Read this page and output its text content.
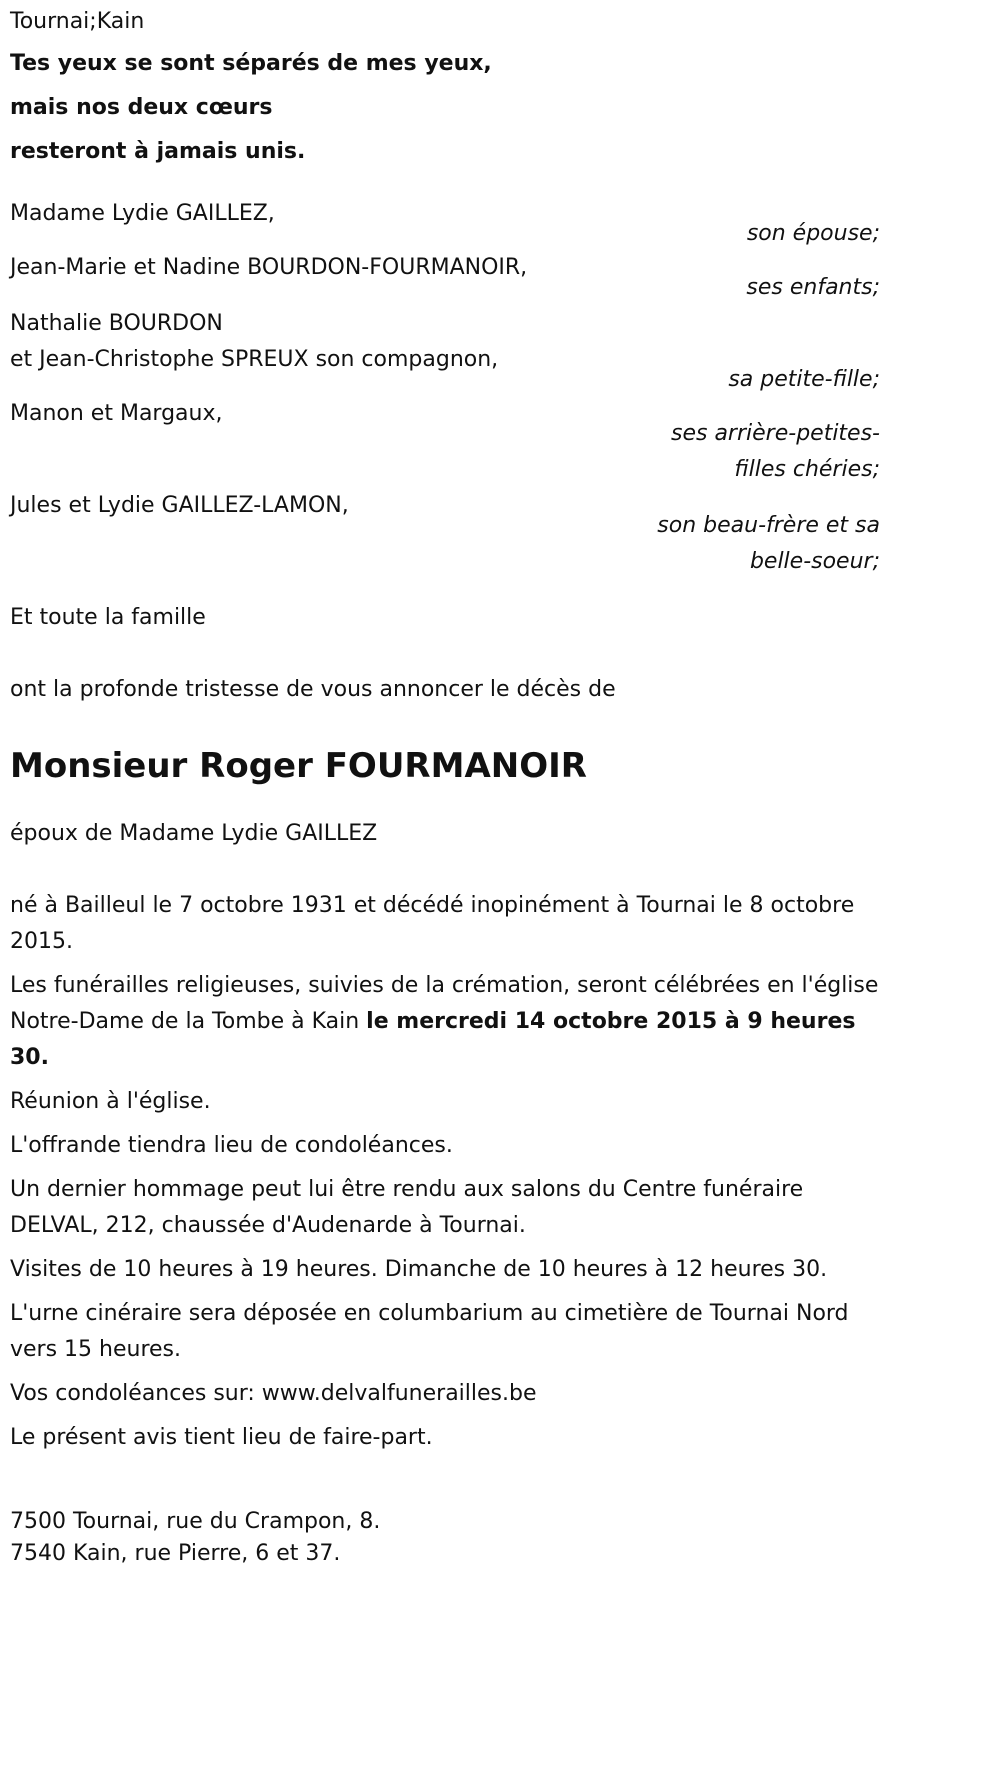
Tournai;Kain

Tes yeux se sont séparés de mes yeux,

mais nos deux cœurs

resteront à jamais unis.

Madame Lydie GAILLEZ,

son épouse;

Jean-Marie et Nadine BOURDON-FOURMANOIR,

ses enfants;

Nathalie BOURDON

et Jean-Christophe SPREUX son compagnon,

sa petite-fille;

Manon et Margaux,

ses arrière-petites-filles chéries;

Jules et Lydie GAILLEZ-LAMON,

son beau-frère et sa belle-soeur;

Et toute la famille

ont la profonde tristesse de vous annoncer le décès de

Monsieur Roger FOURMANOIR

époux de Madame Lydie GAILLEZ

né à Bailleul le 7 octobre 1931 et décédé inopinément à Tournai le 8 octobre 2015.

Les funérailles religieuses, suivies de la crémation, seront célébrées en l'église Notre-Dame de la Tombe à Kain le mercredi 14 octobre 2015 à 9 heures 30.

Réunion à l'église.

L'offrande tiendra lieu de condoléances.

Un dernier hommage peut lui être rendu aux salons du Centre funéraire DELVAL, 212, chaussée d'Audenarde à Tournai.

Visites de 10 heures à 19 heures. Dimanche de 10 heures à 12 heures 30.

L'urne cinéraire sera déposée en columbarium au cimetière de Tournai Nord vers 15 heures.

Vos condoléances sur: www.delvalfunerailles.be

Le présent avis tient lieu de faire-part.

7500 Tournai, rue du Crampon, 8.

7540 Kain, rue Pierre, 6 et 37.
